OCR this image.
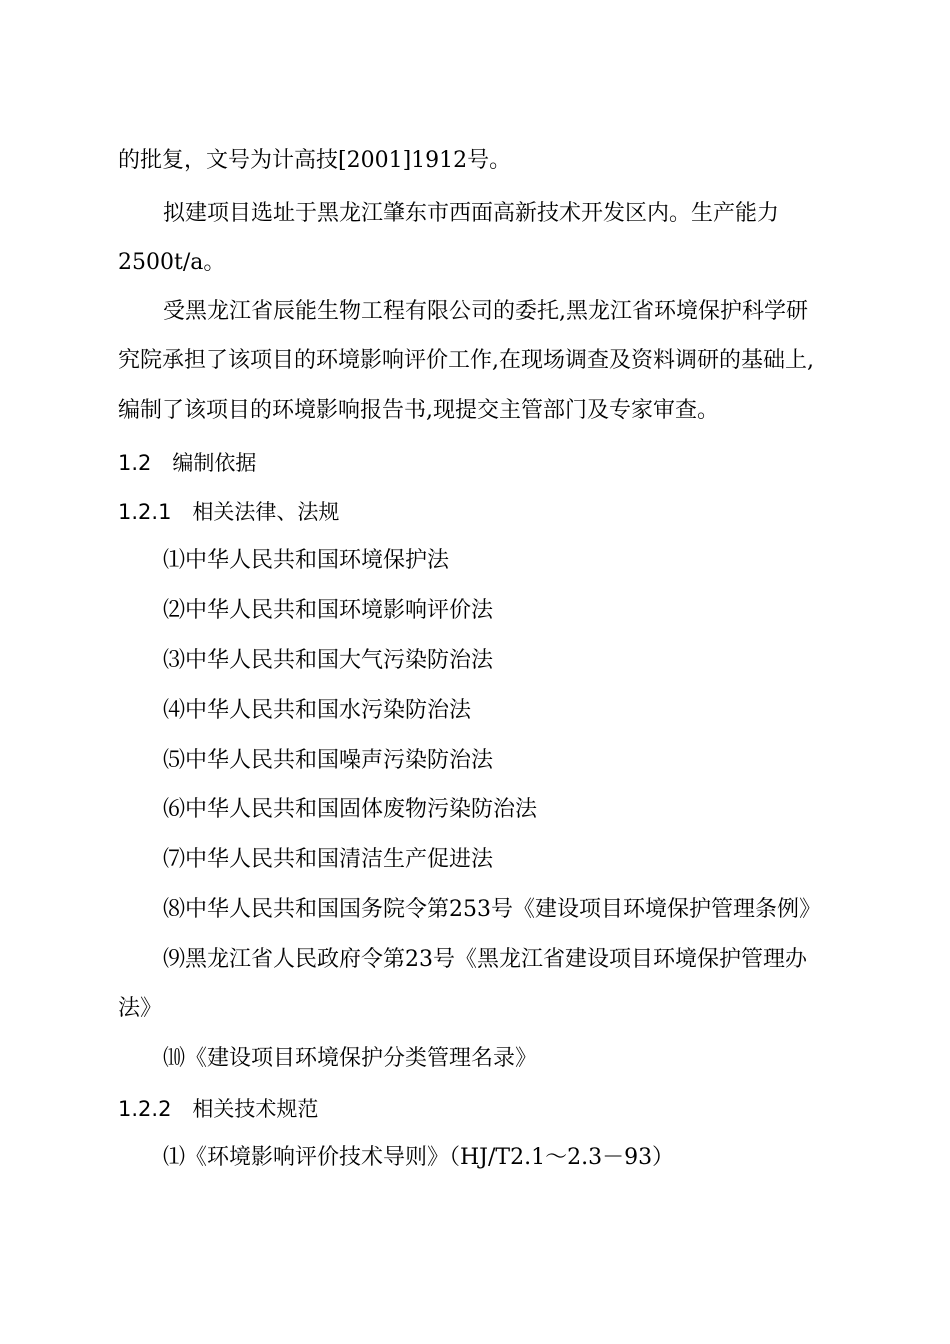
的批复，文号为计高技[2001]1912号。
拟建项目选址于黑龙江肇东市西面高新技术开发区内。生产能力
2500t/a。
受黑龙江省辰能生物工程有限公司的委托,黑龙江省环境保护科学研
究院承担了该项目的环境影响评价工作,在现场调查及资料调研的基础上,
编制了该项目的环境影响报告书,现提交主管部门及专家审查。
1.2　编制依据
1.2.1　相关法律、法规
⑴中华人民共和国环境保护法
⑵中华人民共和国环境影响评价法
⑶中华人民共和国大气污染防治法
⑷中华人民共和国水污染防治法
⑸中华人民共和国噪声污染防治法
⑹中华人民共和国固体废物污染防治法
⑺中华人民共和国清洁生产促进法
⑻中华人民共和国国务院令第253号《建设项目环境保护管理条例》
⑼黑龙江省人民政府令第23号《黑龙江省建设项目环境保护管理办
法》
⑽《建设项目环境保护分类管理名录》
1.2.2　相关技术规范
⑴《环境影响评价技术导则》（HJ/T2.1～2.3－93）
